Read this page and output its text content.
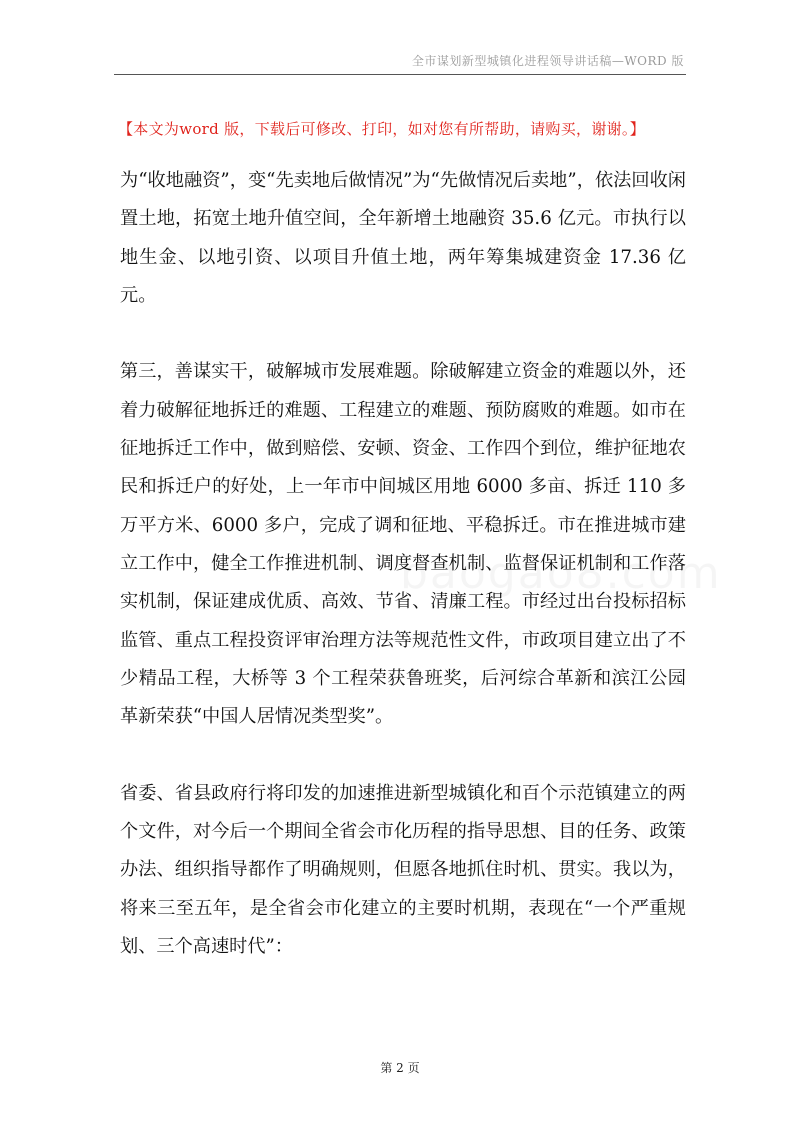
全市谋划新型城镇化进程领导讲话稿—WORD 版
【本文为word 版，下载后可修改、打印，如对您有所帮助，请购买，谢谢。】

为“收地融资”，变“先卖地后做情况”为“先做情况后卖地”，依法回收闲置土地，拓宽土地升值空间，全年新增土地融资 35.6 亿元。市执行以地生金、以地引资、以项目升值土地，两年筹集城建资金 17.36 亿元。

第三，善谋实干，破解城市发展难题。除破解建立资金的难题以外，还着力破解征地拆迁的难题、工程建立的难题、预防腐败的难题。如市在征地拆迁工作中，做到赔偿、安顿、资金、工作四个到位，维护征地农民和拆迁户的好处，上一年市中间城区用地 6000 多亩、拆迁 110 多万平方米、6000 多户，完成了调和征地、平稳拆迁。市在推进城市建立工作中，健全工作推进机制、调度督查机制、监督保证机制和工作落实机制，保证建成优质、高效、节省、清廉工程。市经过出台投标招标监管、重点工程投资评审治理方法等规范性文件，市政项目建立出了不少精品工程，大桥等 3 个工程荣获鲁班奖，后河综合革新和滨江公园革新荣获“中国人居情况类型奖”。

省委、省县政府行将印发的加速推进新型城镇化和百个示范镇建立的两个文件，对今后一个期间全省会市化历程的指导思想、目的任务、政策办法、组织指导都作了明确规则，但愿各地抓住时机、贯实。我以为，将来三至五年，是全省会市化建立的主要时机期，表现在“一个严重规划、三个高速时代”：

第 2 页
